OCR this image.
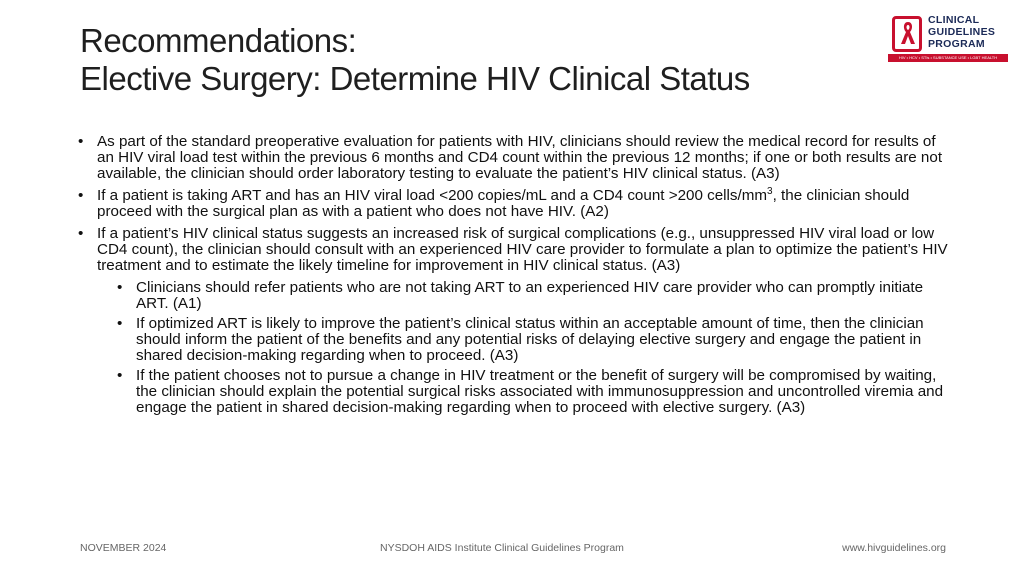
Recommendations:
Elective Surgery: Determine HIV Clinical Status
CLINICAL
GUIDELINES
PROGRAM
HIV • HCV • STIs • SUBSTANCE USE • LGBT HEALTH
• As part of the standard preoperative evaluation for patients with HIV, clinicians should review the medical record for results of an HIV viral load test within the previous 6 months and CD4 count within the previous 12 months; if one or both results are not available, the clinician should order laboratory testing to evaluate the patient’s HIV clinical status. (A3)
• If a patient is taking ART and has an HIV viral load <200 copies/mL and a CD4 count >200 cells/$mm^3$, the clinician should proceed with the surgical plan as with a patient who does not have HIV. (A2)
• If a patient’s HIV clinical status suggests an increased risk of surgical complications (e.g., unsuppressed HIV viral load or low CD4 count), the clinician should consult with an experienced HIV care provider to formulate a plan to optimize the patient’s HIV treatment and to estimate the likely timeline for improvement in HIV clinical status. (A3)
• Clinicians should refer patients who are not taking ART to an experienced HIV care provider who can promptly initiate ART. (A1)
• If optimized ART is likely to improve the patient’s clinical status within an acceptable amount of time, then the clinician should inform the patient of the benefits and any potential risks of delaying elective surgery and engage the patient in shared decision-making regarding when to proceed. (A3)
• If the patient chooses not to pursue a change in HIV treatment or the benefit of surgery will be compromised by waiting, the clinician should explain the potential surgical risks associated with immunosuppression and uncontrolled viremia and engage the patient in shared decision-making regarding when to proceed with elective surgery. (A3)
NOVEMBER 2024	NYSDOH AIDS Institute Clinical Guidelines Program	www.hivguidelines.org
